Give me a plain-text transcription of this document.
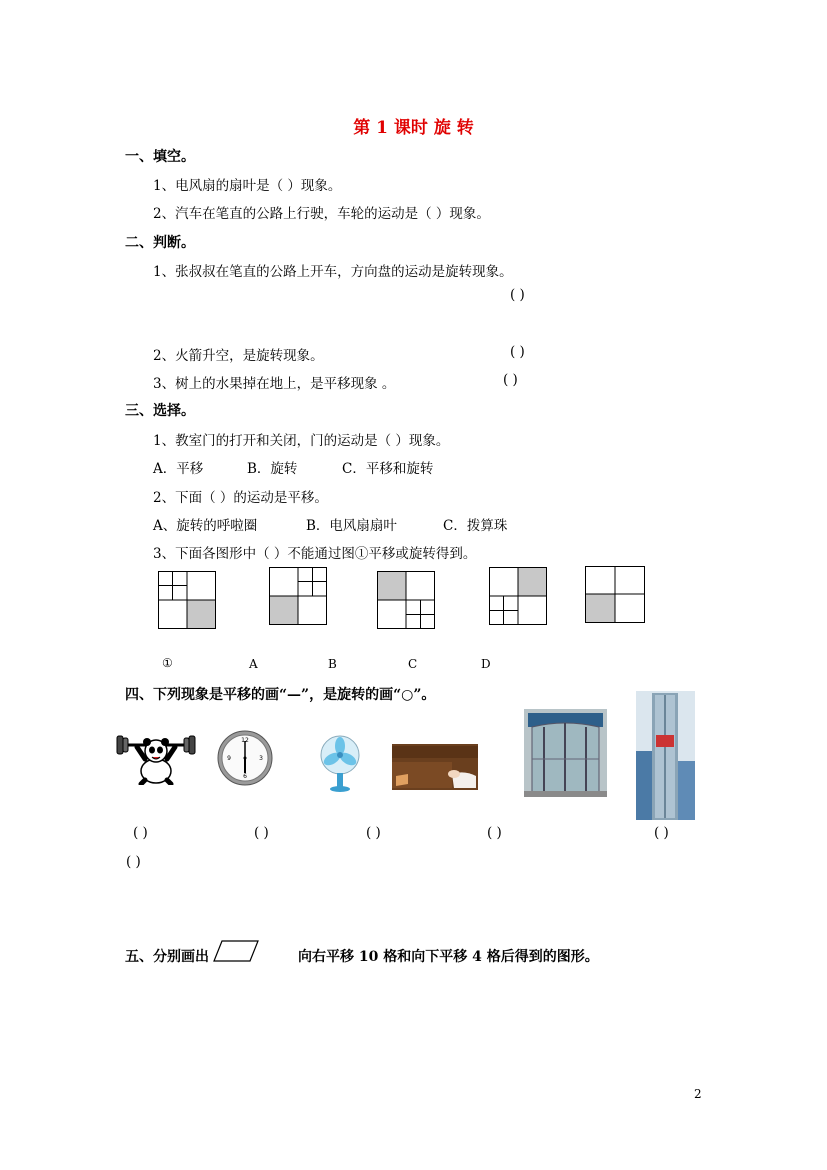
第 1 课时 旋 转
一、填空。
1、电风扇的扇叶是（ ）现象。
2、汽车在笔直的公路上行驶，车轮的运动是（ ）现象。
二、判断。
1、张叔叔在笔直的公路上开车，方向盘的运动是旋转现象。
( )
2、火箭升空，是旋转现象。	( )
3、树上的水果掉在地上，是平移现象 。	( )
三、选择。
1、教室门的打开和关闭，门的运动是（ ）现象。
A．平移	B．旋转	C．平移和旋转
2、下面（ ）的运动是平移。
A、旋转的呼啦圈	B．电风扇扇叶	C．拨算珠
3、下面各图形中（ ）不能通过图①平移或旋转得到。
①	A	B	C	D
四、下列现象是平移的画“—”，是旋转的画“○”。
12
3
6
9
( )	( )	( )	( )	( )
( )
五、分别画出	向右平移 10 格和向下平移 4 格后得到的图形。
2
